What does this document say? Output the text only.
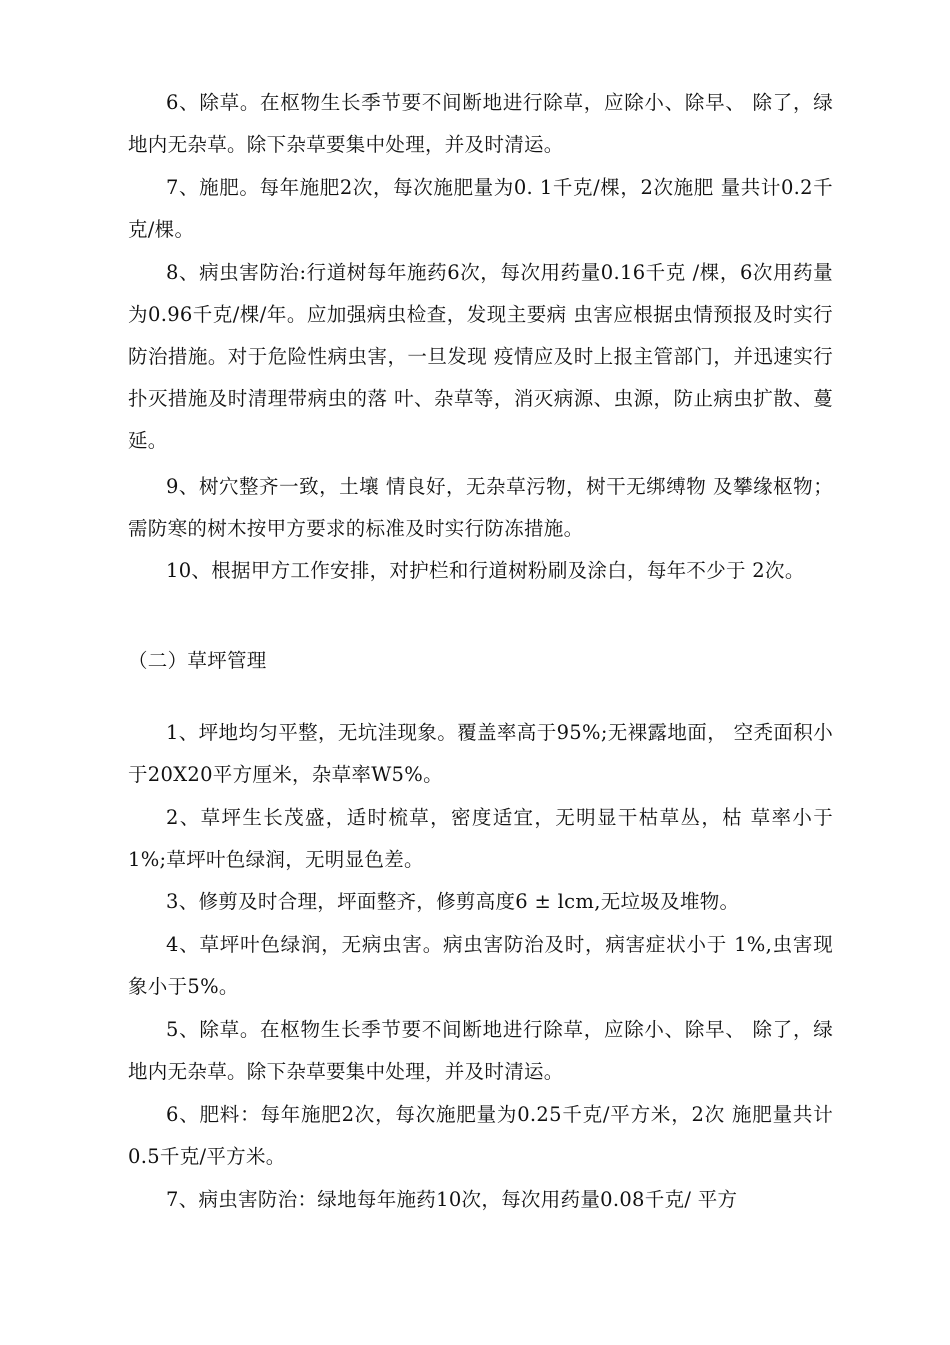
6、除草。在枢物生长季节要不间断地进行除草，应除小、除早、 除了，绿地内无杂草。除下杂草要集中处理，并及时清运。

7、施肥。每年施肥2次，每次施肥量为0. 1千克/棵，2次施肥 量共计0.2千克/棵。

8、病虫害防治:行道树每年施药6次，每次用药量0.16千克 /棵，6次用药量为0.96千克/棵/年。应加强病虫检查，发现主要病 虫害应根据虫情预报及时实行防治措施。对于危险性病虫害，一旦发现 疫情应及时上报主管部门，并迅速实行扑灭措施及时清理带病虫的落 叶、杂草等，消灭病源、虫源，防止病虫扩散、蔓延。

9、树穴整齐一致，土壤 情良好，无杂草污物，树干无绑缚物 及攀缘枢物；需防寒的树木按甲方要求的标准及时实行防冻措施。

10、根据甲方工作安排，对护栏和行道树粉刷及涂白，每年不少于 2次。

（二）草坪管理

1、坪地均匀平整，无坑洼现象。覆盖率高于95%;无裸露地面， 空秃面积小于20X20平方厘米，杂草率W5%。

2、草坪生长茂盛，适时梳草，密度适宜，无明显干枯草丛，枯 草率小于1%;草坪叶色绿润，无明显色差。

3、修剪及时合理，坪面整齐，修剪高度6 ± lcm,无垃圾及堆物。

4、草坪叶色绿润，无病虫害。病虫害防治及时，病害症状小于 1%,虫害现象小于5%。

5、除草。在枢物生长季节要不间断地进行除草，应除小、除早、 除了，绿地内无杂草。除下杂草要集中处理，并及时清运。

6、肥料：每年施肥2次，每次施肥量为0.25千克/平方米，2次 施肥量共计0.5千克/平方米。

7、病虫害防治：绿地每年施药10次，每次用药量0.08千克/ 平方
